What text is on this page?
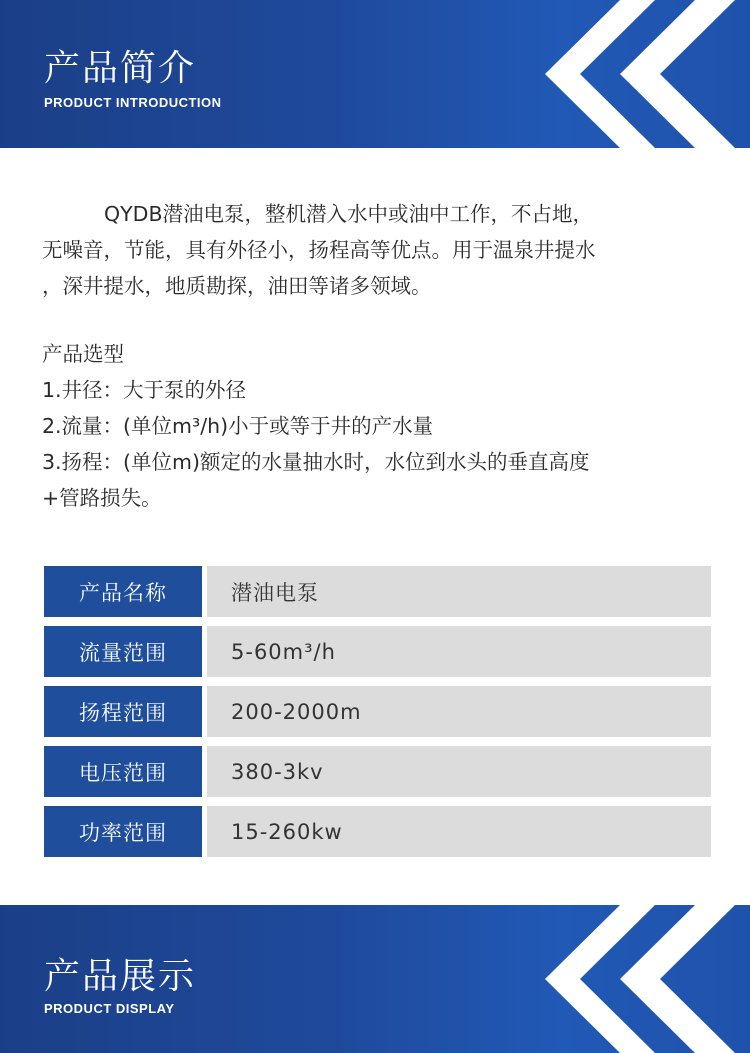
产品简介
PRODUCT INTRODUCTION
QYDB潜油电泵，整机潜入水中或油中工作，不占地，
无噪音，节能，具有外径小，扬程高等优点。用于温泉井提水
，深井提水，地质勘探，油田等诸多领域。
产品选型
1.井径：大于泵的外径
2.流量：(单位m³/h)小于或等于井的产水量
3.扬程：(单位m)额定的水量抽水时，水位到水头的垂直高度
+管路损失。
产品名称	潜油电泵
流量范围	5-60m³/h
扬程范围	200-2000m
电压范围	380-3kv
功率范围	15-260kw
产品展示
PRODUCT DISPLAY
